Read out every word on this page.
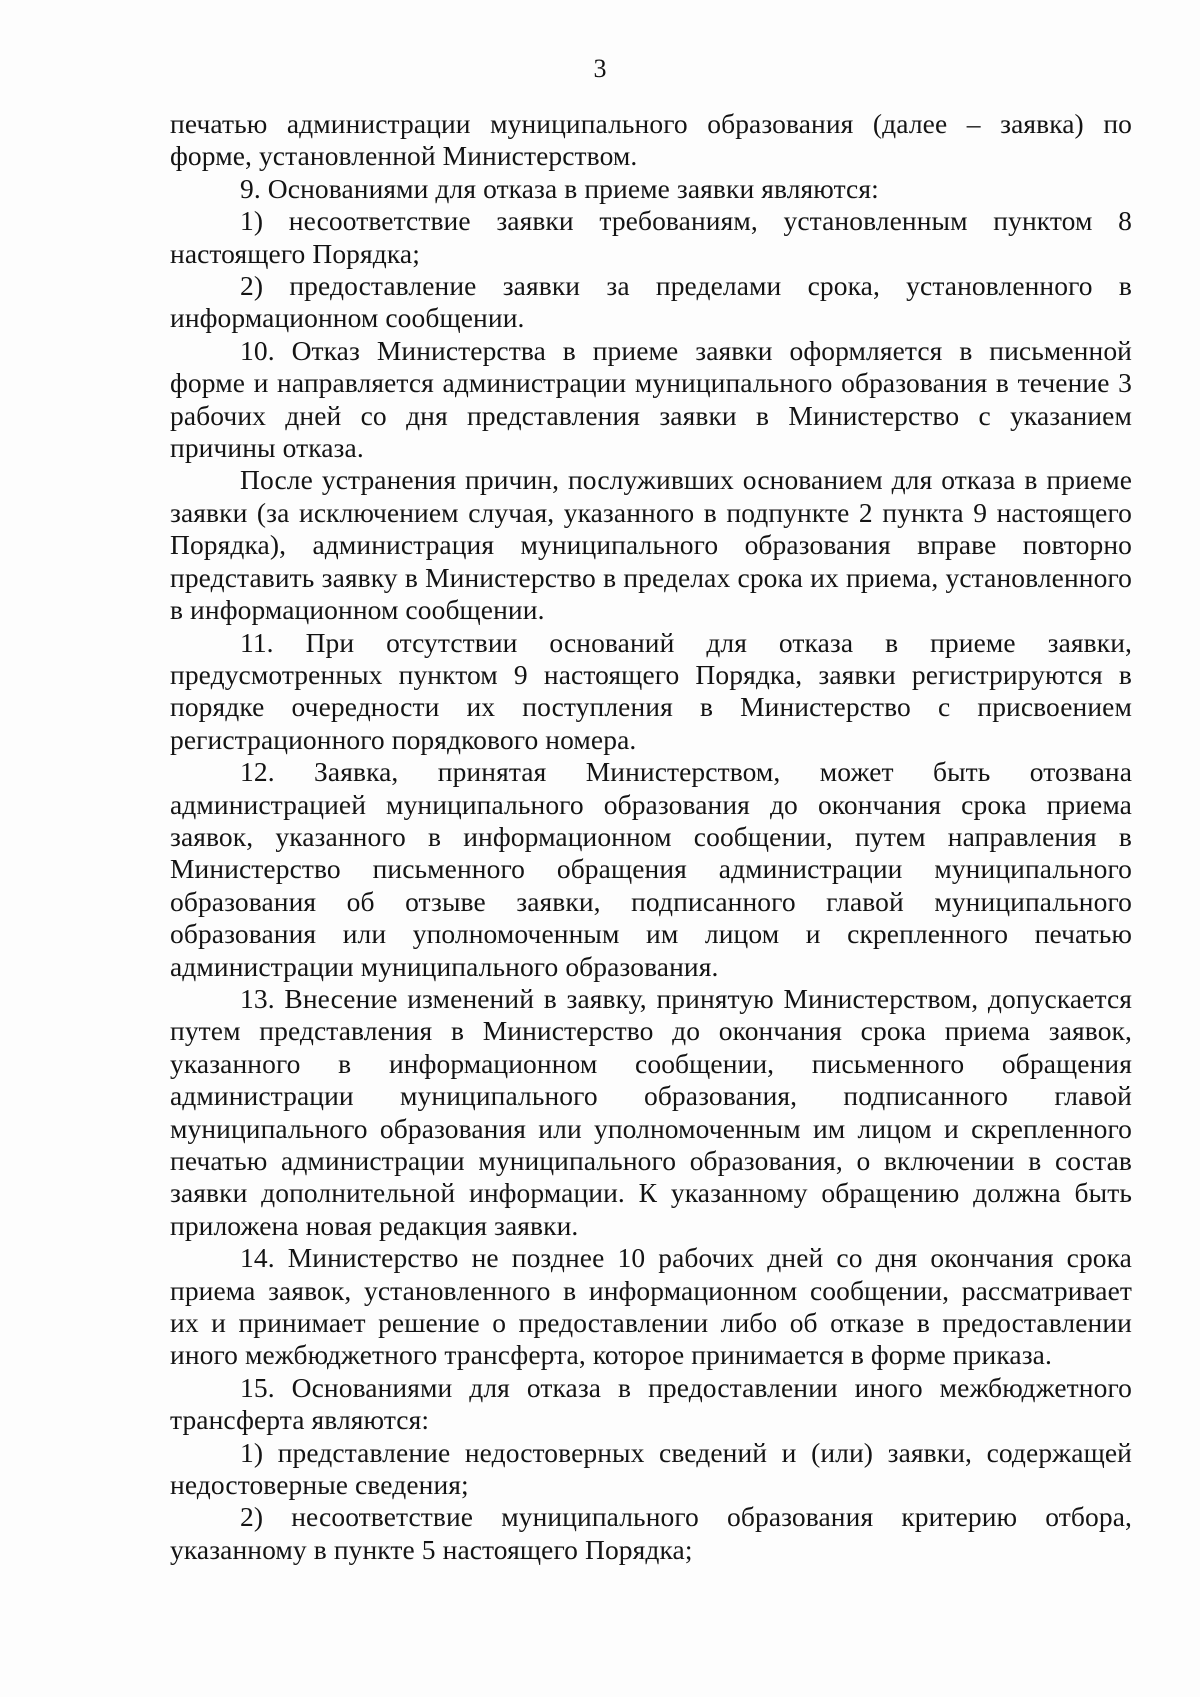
3

печатью администрации муниципального образования (далее – заявка) по форме, установленной Министерством.

9. Основаниями для отказа в приеме заявки являются:

1) несоответствие заявки требованиям, установленным пунктом 8 настоящего Порядка;

2) предоставление заявки за пределами срока, установленного в информационном сообщении.

10. Отказ Министерства в приеме заявки оформляется в письменной форме и направляется администрации муниципального образования в течение 3 рабочих дней со дня представления заявки в Министерство с указанием причины отказа.

После устранения причин, послуживших основанием для отказа в приеме заявки (за исключением случая, указанного в подпункте 2 пункта 9 настоящего Порядка), администрация муниципального образования вправе повторно представить заявку в Министерство в пределах срока их приема, установленного в информационном сообщении.

11. При отсутствии оснований для отказа в приеме заявки, предусмотренных пунктом 9 настоящего Порядка, заявки регистрируются в порядке очередности их поступления в Министерство с присвоением регистрационного порядкового номера.

12. Заявка, принятая Министерством, может быть отозвана администрацией муниципального образования до окончания срока приема заявок, указанного в информационном сообщении, путем направления в Министерство письменного обращения администрации муниципального образования об отзыве заявки, подписанного главой муниципального образования или уполномоченным им лицом и скрепленного печатью администрации муниципального образования.

13. Внесение изменений в заявку, принятую Министерством, допускается путем представления в Министерство до окончания срока приема заявок, указанного в информационном сообщении, письменного обращения администрации муниципального образования, подписанного главой муниципального образования или уполномоченным им лицом и скрепленного печатью администрации муниципального образования, о включении в состав заявки дополнительной информации. К указанному обращению должна быть приложена новая редакция заявки.

14. Министерство не позднее 10 рабочих дней со дня окончания срока приема заявок, установленного в информационном сообщении, рассматривает их и принимает решение о предоставлении либо об отказе в предоставлении иного межбюджетного трансферта, которое принимается в форме приказа.

15. Основаниями для отказа в предоставлении иного межбюджетного трансферта являются:

1) представление недостоверных сведений и (или) заявки, содержащей недостоверные сведения;

2) несоответствие муниципального образования критерию отбора, указанному в пункте 5 настоящего Порядка;
